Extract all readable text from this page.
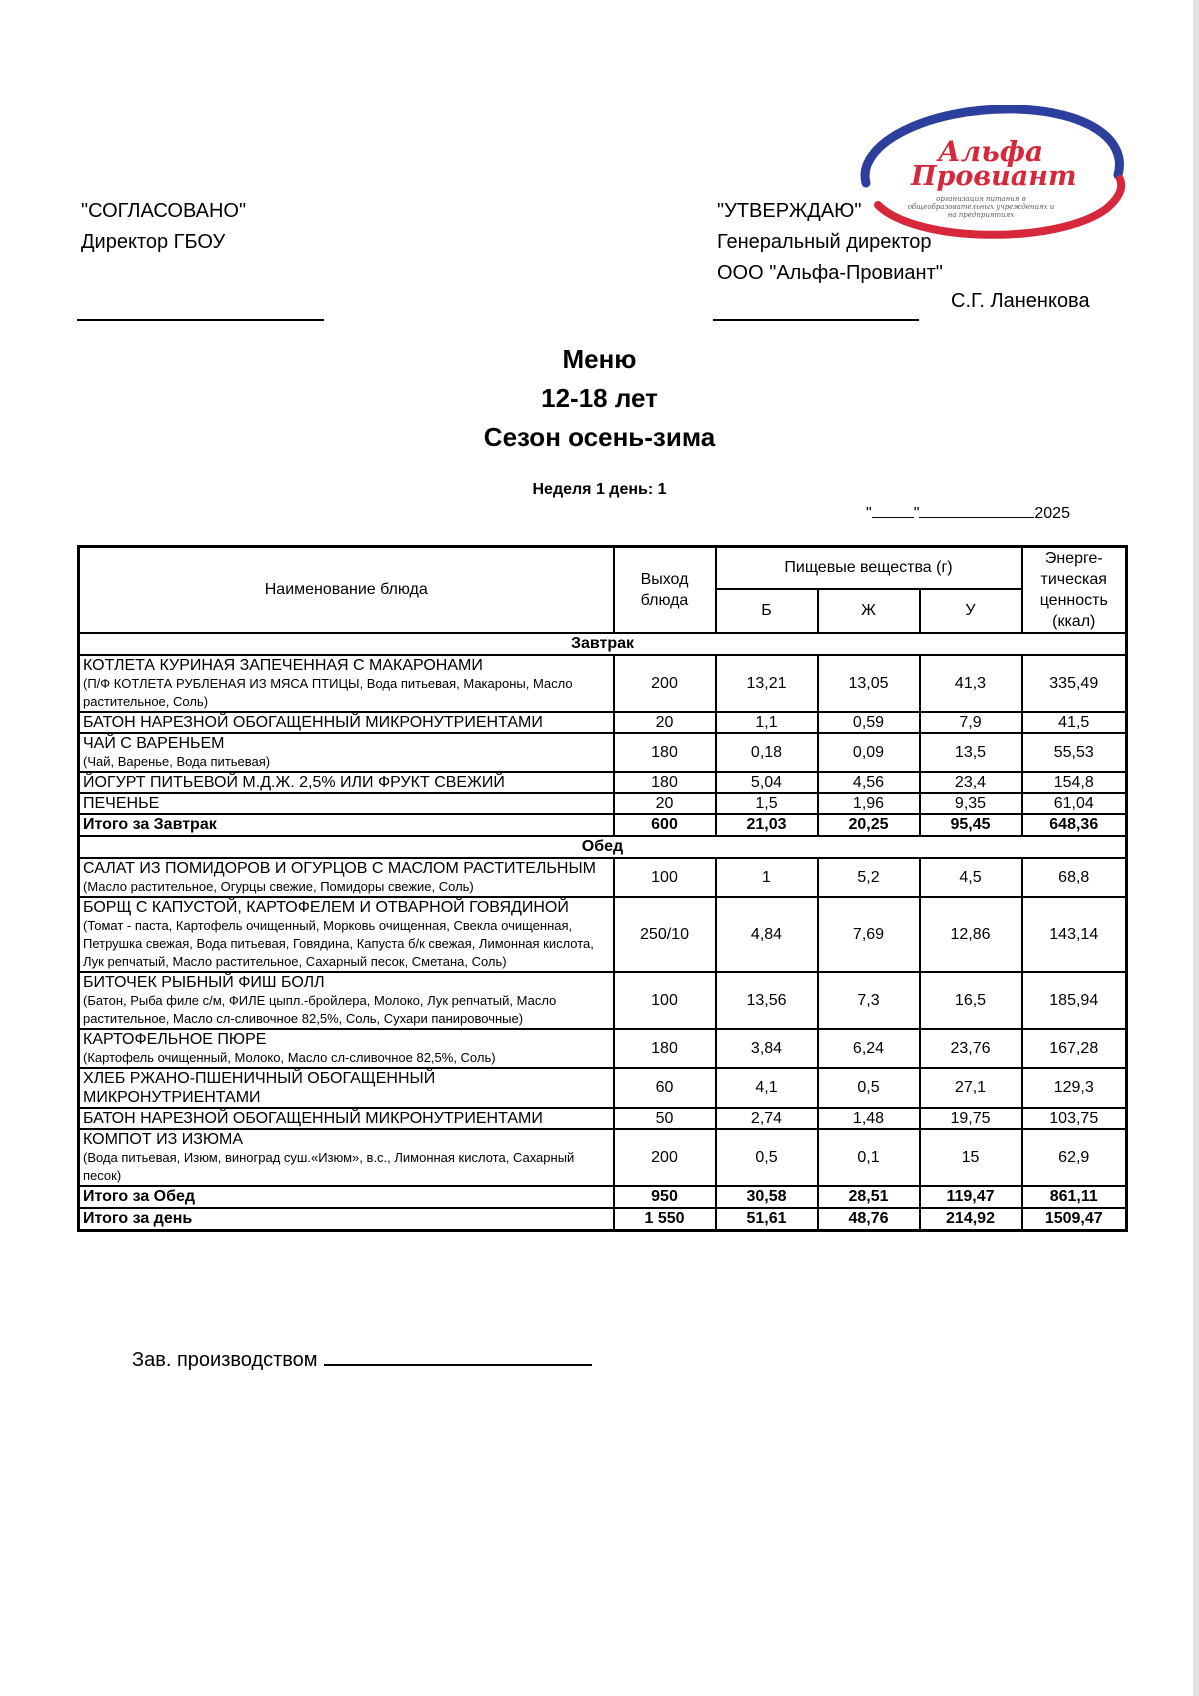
"СОГЛАСОВАНО"
Директор ГБОУ
"УТВЕРЖДАЮ"
Генеральный директор
ООО "Альфа-Провиант"
С.Г. Ланенкова
Альфа
Провиант
организация питания в общеобразовательных учреждениях и на предприятиях
Меню
12-18 лет
Сезон осень-зима
Неделя 1 день: 1
"	"	2025
Наименование блюда	Выход блюда	Пищевые вещества (г)			Энерге-тическая ценность (ккал)
		Б	Ж	У	
Завтрак					

КОТЛЕТА КУРИНАЯ ЗАПЕЧЕННАЯ С МАКАРОНАМИ
(П/Ф КОТЛЕТА РУБЛЕНАЯ ИЗ МЯСА ПТИЦЫ, Вода питьевая, Макароны, Масло растительное, Соль)	200	13,21	13,05	41,3	335,49

БАТОН НАРЕЗНОЙ ОБОГАЩЕННЫЙ МИКРОНУТРИЕНТАМИ	20	1,1	0,59	7,9	41,5

ЧАЙ С ВАРЕНЬЕМ
(Чай, Варенье, Вода питьевая)	180	0,18	0,09	13,5	55,53

ЙОГУРТ ПИТЬЕВОЙ М.Д.Ж. 2,5% ИЛИ ФРУКТ СВЕЖИЙ	180	5,04	4,56	23,4	154,8

ПЕЧЕНЬЕ	20	1,5	1,96	9,35	61,04
Итого за Завтрак	600	21,03	20,25	95,45	648,36
Обед					

САЛАТ ИЗ ПОМИДОРОВ И ОГУРЦОВ С МАСЛОМ РАСТИТЕЛЬНЫМ
(Масло растительное, Огурцы свежие, Помидоры свежие, Соль)	100	1	5,2	4,5	68,8

БОРЩ С КАПУСТОЙ, КАРТОФЕЛЕМ И ОТВАРНОЙ ГОВЯДИНОЙ
(Томат - паста, Картофель очищенный, Морковь очищенная, Свекла очищенная, Петрушка свежая, Вода питьевая, Говядина, Капуста б/к свежая, Лимонная кислота, Лук репчатый, Масло растительное, Сахарный песок, Сметана, Соль)	250/10	4,84	7,69	12,86	143,14

БИТОЧЕК РЫБНЫЙ ФИШ БОЛЛ
(Батон, Рыба филе с/м, ФИЛЕ цыпл.-бройлера, Молоко, Лук репчатый, Масло растительное, Масло сл-сливочное 82,5%, Соль, Сухари панировочные)	100	13,56	7,3	16,5	185,94

КАРТОФЕЛЬНОЕ ПЮРЕ
(Картофель очищенный, Молоко, Масло сл-сливочное 82,5%, Соль)	180	3,84	6,24	23,76	167,28

ХЛЕБ РЖАНО-ПШЕНИЧНЫЙ ОБОГАЩЕННЫЙ МИКРОНУТРИЕНТАМИ	60	4,1	0,5	27,1	129,3

БАТОН НАРЕЗНОЙ ОБОГАЩЕННЫЙ МИКРОНУТРИЕНТАМИ	50	2,74	1,48	19,75	103,75

КОМПОТ ИЗ ИЗЮМА
(Вода питьевая, Изюм, виноград суш.«Изюм», в.с., Лимонная кислота, Сахарный песок)	200	0,5	0,1	15	62,9
Итого за Обед	950	30,58	28,51	119,47	861,11
Итого за день	1 550	51,61	48,76	214,92	1509,47
Зав. производством
